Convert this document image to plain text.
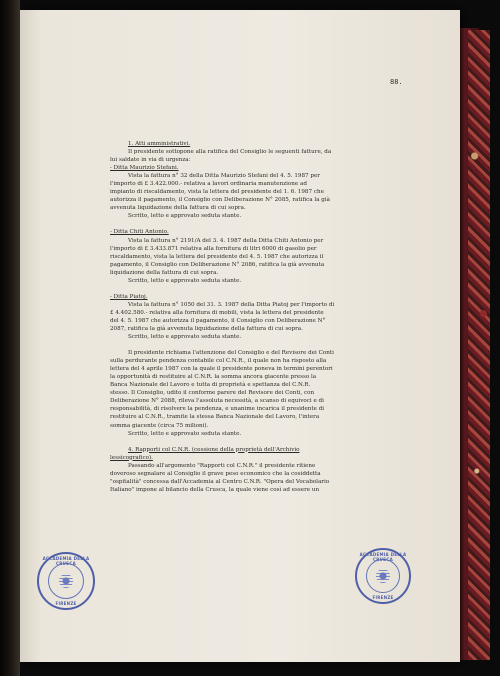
88.

1. Atti amministrativi.

Il presidente sottopone alla ratifica del Consiglio le seguenti fatture, da

lui saldate in via di urgenza:

- Ditta Maurizio Stefani.

Vista la fattura n° 32 della Ditta Maurizio Stefani del 4. 5. 1987 per

l'importo di £ 3.422.000.- relativa a lavori ordinaria manutenzione ad

impianto di riscaldamento, vista la lettera del presidente del 1. 6. 1987 che

autorizza il pagamento, il Consiglio con Deliberazione N° 2085, ratifica la già

avvenuta liquidazione della fattura di cui sopra.

Scritto, letto e approvato seduta stante.

- Ditta Chiti Antonio.

Vista la fattura n° 2191/A del 3. 4. 1987 della Ditta Chiti Antonio per

l'importo di £ 3.433.871 relativa alla fornitura di litri 6000 di gasolio per

riscaldamento, vista la lettera del presidente del 4. 5. 1987 che autorizza il

pagamento, il Consiglio con Deliberazione N° 2086, ratifica la già avvenuta

liquidazione della fattura di cui sopra.

Scritto, letto e approvato seduta stante.

- Ditta Piatoj.

Vista la fattura n° 1050 del 31. 3. 1987 della Ditta Piatoj per l'importo di

£ 4.402.580.- relativa alla fornitura di mobili, vista la lettera del presidente

del 4. 5. 1987 che autorizza il pagamento, il Consiglio con Deliberazione N°

2087, ratifica la già avvenuta liquidazione della fattura di cui sopra.

Scritto, letto e approvato seduta stante.

Il presidente richiama l'attenzione del Consiglio e del Revisore dei Conti

sulla perdurante pendenza contabile col C.N.R., il quale non ha risposto alla

lettera del 4 aprile 1987 con la quale il presidente poneva in termini perentori

la opportunità di restituire al C.N.R. la somma ancora giacente presso la

Banca Nazionale del Lavoro e tutta di proprietà e spettanza del C.N.R.

stesso. Il Consiglio, udito il conforme parere del Revisore dei Conti, con

Deliberazione N° 2088, rileva l'assoluta necessità, a scanso di equivoci e di

responsabilità, di risolvere la pendenza, e unanime incarica il presidente di

restituire al C.N.R., tramite la stessa Banca Nazionale del Lavoro, l'intera

somma giacente (circa 75 milioni).

Scritto, letto e approvato seduta stante.

4. Rapporti col C.N.R. (cessione della proprietà dell'Archivio

lessicografico).

Passando all'argomento "Rapporti col C.N.R." il presidente ritiene

doveroso segnalare al Consiglio il grave peso economico che la cosiddetta

"ospitalità" concessa dall'Accademia al Centro C.N.R. "Opera del Vocabolario

Italiano" impone al bilancio della Crusca, la quale viene così ad essere un

ACCADEMIA DELLA CRUSCA
FIRENZE
ACCADEMIA DELLA CRUSCA
FIRENZE
